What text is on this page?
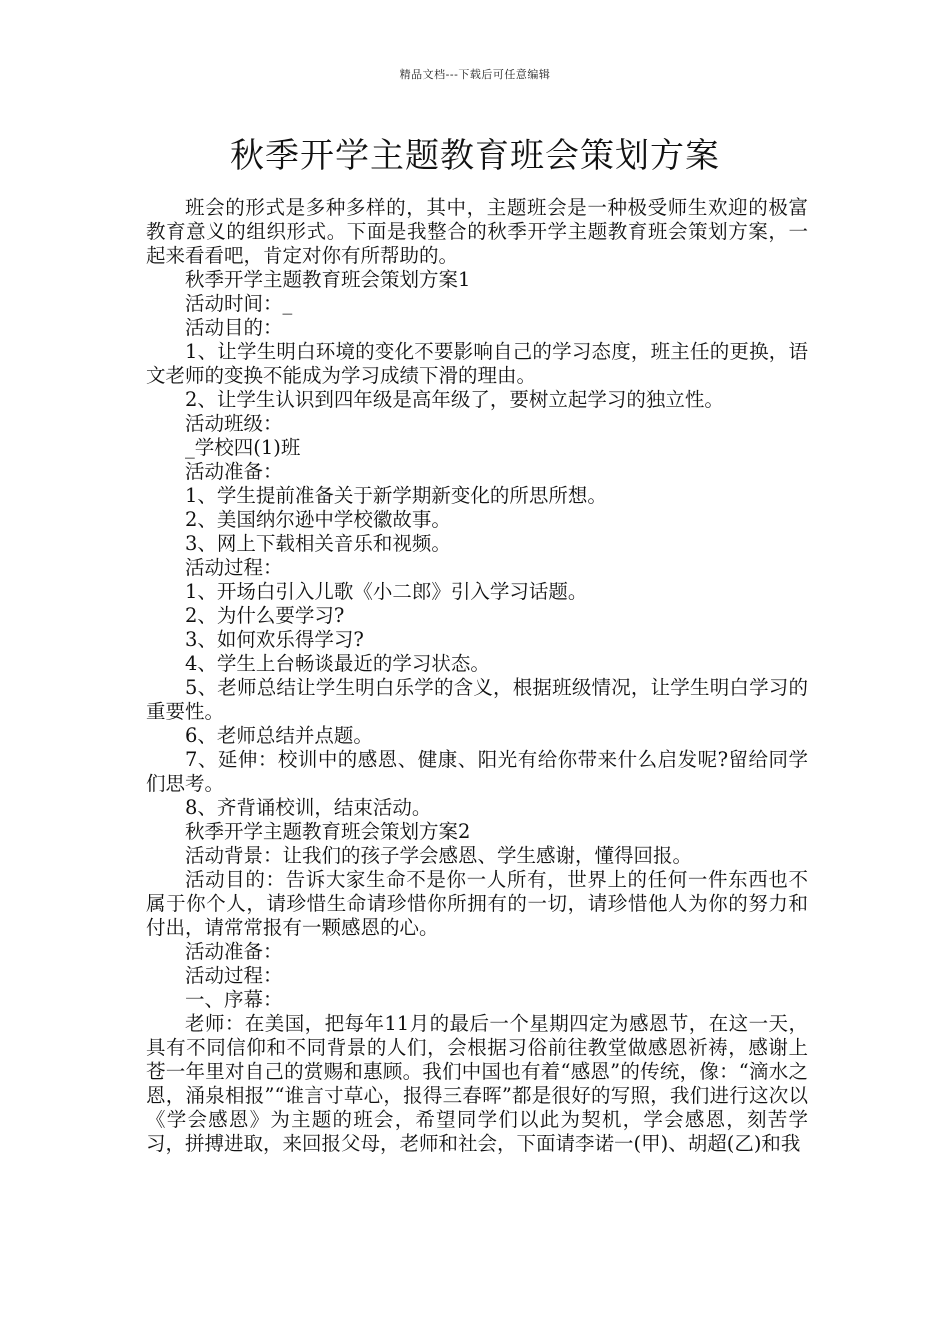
精品文档---下载后可任意编辑
秋季开学主题教育班会策划方案

班会的形式是多种多样的，其中，主题班会是一种极受师生欢迎的极富教育意义的组织形式。下面是我整合的秋季开学主题教育班会策划方案，一起来看看吧，肯定对你有所帮助的。

秋季开学主题教育班会策划方案1

活动时间：_

活动目的：

1、让学生明白环境的变化不要影响自己的学习态度，班主任的更换，语文老师的变换不能成为学习成绩下滑的理由。

2、让学生认识到四年级是高年级了，要树立起学习的独立性。

活动班级：

_学校四(1)班

活动准备：

1、学生提前准备关于新学期新变化的所思所想。

2、美国纳尔逊中学校徽故事。

3、网上下载相关音乐和视频。

活动过程：

1、开场白引入儿歌《小二郎》引入学习话题。

2、为什么要学习?

3、如何欢乐得学习?

4、学生上台畅谈最近的学习状态。

5、老师总结让学生明白乐学的含义，根据班级情况，让学生明白学习的重要性。

6、老师总结并点题。

7、延伸：校训中的感恩、健康、阳光有给你带来什么启发呢?留给同学们思考。

8、齐背诵校训，结束活动。

秋季开学主题教育班会策划方案2

活动背景：让我们的孩子学会感恩、学生感谢，懂得回报。

活动目的：告诉大家生命不是你一人所有，世界上的任何一件东西也不属于你个人，请珍惜生命请珍惜你所拥有的一切，请珍惜他人为你的努力和付出，请常常报有一颗感恩的心。

活动准备：

活动过程：

一、序幕：

老师：在美国，把每年11月的最后一个星期四定为感恩节，在这一天，具有不同信仰和不同背景的人们，会根据习俗前往教堂做感恩祈祷，感谢上苍一年里对自己的赏赐和惠顾。我们中国也有着“感恩”的传统，像：“滴水之恩，涌泉相报”“谁言寸草心，报得三春晖”都是很好的写照，我们进行这次以《学会感恩》为主题的班会，希望同学们以此为契机，学会感恩，刻苦学习，拼搏进取，来回报父母，老师和社会，下面请李诺一(甲)、胡超(乙)和我
